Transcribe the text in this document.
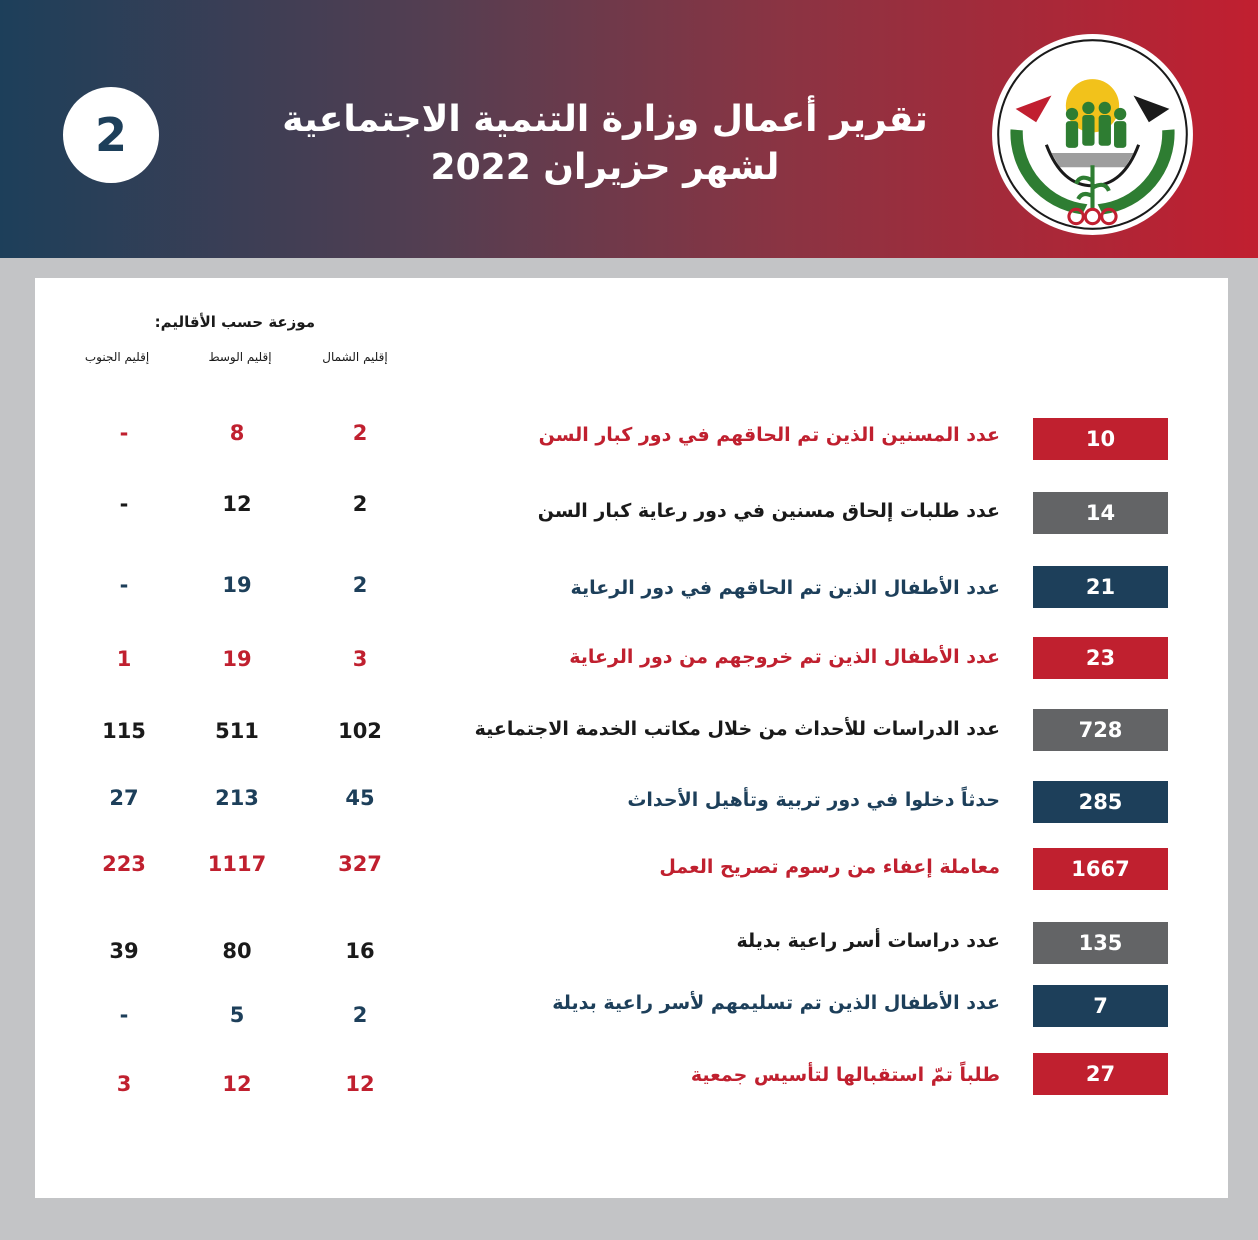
2	تقرير أعمال وزارة التنمية الاجتماعية
لشهر حزيران 2022
موزعة حسب الأقاليم:
إقليم الشمال
إقليم الوسط
إقليم الجنوب
10
عدد المسنين الذين تم الحاقهم في دور كبار السن
2
8
-
14
عدد طلبات إلحاق مسنين في دور رعاية كبار السن
2
12
-
21
عدد الأطفال الذين تم الحاقهم في دور الرعاية
2
19
-
23
عدد الأطفال الذين تم خروجهم من دور الرعاية
3
19
1
728
عدد الدراسات للأحداث من خلال مكاتب الخدمة الاجتماعية
102
511
115
285
حدثاً دخلوا في دور تربية وتأهيل الأحداث
45
213
27
1667
معاملة إعفاء من رسوم تصريح العمل
327
1117
223
135
عدد دراسات أسر راعية بديلة
16
80
39
7
عدد الأطفال الذين تم تسليمهم لأسر راعية بديلة
2
5
-
27
طلباً تمّ استقبالها لتأسيس جمعية
12
12
3
